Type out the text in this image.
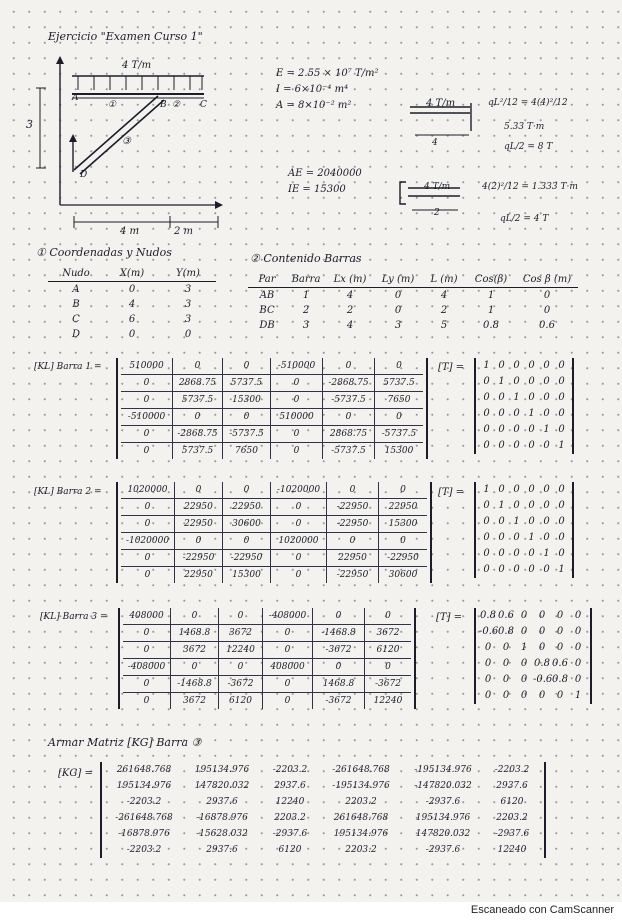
Ejercicio "Examen Curso 1"
4 T/m
3
A
B	C
D
①	②
③
4 m	2 m
E = 2.55 × 10⁷ T/m²
I = 6×10⁻⁴ m⁴
A = 8×10⁻² m²
AE = 2040000
IE = 15300
4 T/m
4
qL²/12 = 4(4)²/12
5.33 T·m
qL/2 = 8 T
4 T/m
2
4(2)²/12 = 1.333 T·m
qL/2 = 4 T
① Coordenadas y Nudos
Nudo	X(m)	Y(m)
A	0	3
B	4	3
C	6	3
D	0	0
② Contenido Barras
Par	Barra	Lx (m)	Ly (m)	L (m)	Cos(β)	Cos β (m)
AB	1	4	0	4	1	0
BC	2	2	0	2	1	0
DB	3	4	3	5	0.8	0.6
[KL] Barra 1 =	510000	0	0	-510000	0	0
0	2868.75	5737.5	0	-2868.75	5737.5
0	5737.5	15300	0	-5737.5	7650
-510000	0	0	510000	0	0
0	-2868.75	-5737.5	0	2868.75	-5737.5
0	5737.5	7650	0	-5737.5	15300
[T] =	1 0 0 0 0 0
0 1 0 0 0 0
0 0 1 0 0 0
0 0 0 1 0 0
0 0 0 0 1 0
0 0 0 0 0 1
[KL] Barra 2 =	1020000	0	0	-1020000	0	0
0	22950	22950	0	-22950	22950
0	22950	30600	0	-22950	15300
-1020000	0	0	1020000	0	0
0	-22950	-22950	0	22950	-22950
0	22950	15300	0	-22950	30600
[T] =	1 0 0 0 0 0
0 1 0 0 0 0
0 0 1 0 0 0
0 0 0 1 0 0
0 0 0 0 1 0
0 0 0 0 0 1
[KL] Barra 3 =	408000	0	0	-408000	0	0
0	1468.8	3672	0	-1468.8	3672
0	3672	12240	0	-3672	6120
-408000	0	0	408000	0	0
0	-1468.8	-3672	0	1468.8	-3672
0	3672	6120	0	-3672	12240
[T] = 0.8 0.6 0	0	0	0
-0.6 0.8 0	0	0	0
0	0	1	0	0	0
0	0	0 0.8 0.6 0
0	0	0 -0.6 0.8 0
0	0	0	0	0	1
Armar Matriz [KG] Barra ③
[KG] =	261648.768	195134.976	-2203.2	-261648.768	-195134.976	-2203.2
195134.976	147820.032	2937.6	-195134.976	-147820.032	2937.6
-2203.2	2937.6	12240	2203.2	-2937.6	6120
-261648.768	-16878.976	2203.2	261648.768	195134.976	2203.2
-16878.976	-15628.032	-2937.6	195134.976	147820.032	-2937.6
-2203.2	2937.6	6120	2203.2	-2937.6	12240
Escaneado con CamScanner
